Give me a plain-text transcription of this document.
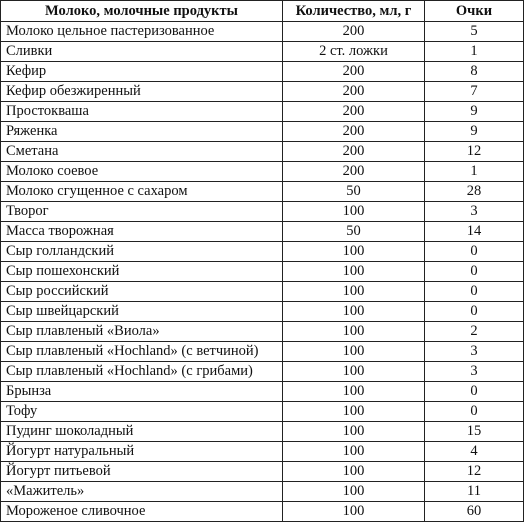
Молоко, молочные продукты	Количество, мл, г	Очки
Молоко цельное пастеризованное	200	5
Сливки	2 ст. ложки	1
Кефир	200	8
Кефир обезжиренный	200	7
Простокваша	200	9
Ряженка	200	9
Сметана	200	12
Молоко соевое	200	1
Молоко сгущенное с сахаром	50	28
Творог	100	3
Масса творожная	50	14
Сыр голландский	100	0
Сыр пошехонский	100	0
Сыр российский	100	0
Сыр швейцарский	100	0
Сыр плавленый «Виола»	100	2
Сыр плавленый «Hochland» (с ветчиной)	100	3
Сыр плавленый «Hochland» (с грибами)	100	3
Брынза	100	0
Тофу	100	0
Пудинг шоколадный	100	15
Йогурт натуральный	100	4
Йогурт питьевой	100	12
«Мажитель»	100	11
Мороженое сливочное	100	60
